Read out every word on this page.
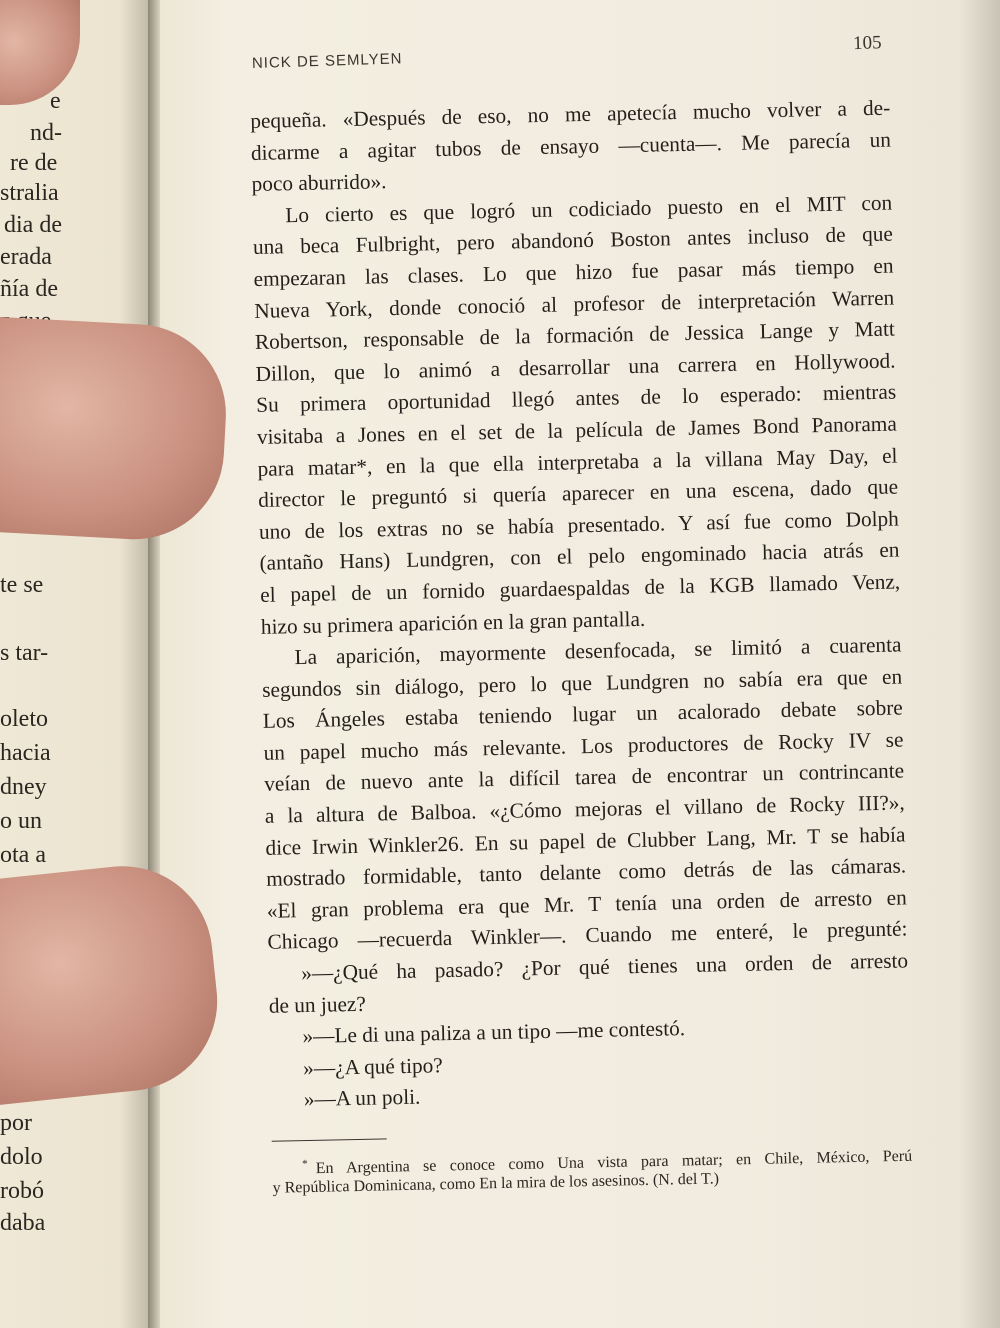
e
nd-
re de
stralia
dia de
erada
ñía de
te se
s tar-
oleto
hacia
dney
o un
ota a
por
dolo
robó
daba
NICK DE SEMLYEN
105
pequeña. «Después de eso, no me apetecía mucho volver a de-
dicarme a agitar tubos de ensayo —cuenta—. Me parecía un
poco aburrido».
Lo cierto es que logró un codiciado puesto en el MIT con
una beca Fulbright, pero abandonó Boston antes incluso de que
empezaran las clases. Lo que hizo fue pasar más tiempo en
Nueva York, donde conoció al profesor de interpretación Warren
Robertson, responsable de la formación de Jessica Lange y Matt
Dillon, que lo animó a desarrollar una carrera en Hollywood.
Su primera oportunidad llegó antes de lo esperado: mientras
visitaba a Jones en el set de la película de James Bond Panorama
para matar*, en la que ella interpretaba a la villana May Day, el
director le preguntó si quería aparecer en una escena, dado que
uno de los extras no se había presentado. Y así fue como Dolph
(antaño Hans) Lundgren, con el pelo engominado hacia atrás en
el papel de un fornido guardaespaldas de la KGB llamado Venz,
hizo su primera aparición en la gran pantalla.
La aparición, mayormente desenfocada, se limitó a cuarenta
segundos sin diálogo, pero lo que Lundgren no sabía era que en
Los Ángeles estaba teniendo lugar un acalorado debate sobre
un papel mucho más relevante. Los productores de Rocky IV se
veían de nuevo ante la difícil tarea de encontrar un contrincante
a la altura de Balboa. «¿Cómo mejoras el villano de Rocky III?»,
dice Irwin Winkler26. En su papel de Clubber Lang, Mr. T se había
mostrado formidable, tanto delante como detrás de las cámaras.
«El gran problema era que Mr. T tenía una orden de arresto en
Chicago —recuerda Winkler—. Cuando me enteré, le pregunté:
»—¿Qué ha pasado? ¿Por qué tienes una orden de arresto
de un juez?
»—Le di una paliza a un tipo —me contestó.
»—¿A qué tipo?
»—A un poli.
* En Argentina se conoce como Una vista para matar; en Chile, México, Perú
y República Dominicana, como En la mira de los asesinos. (N. del T.)
